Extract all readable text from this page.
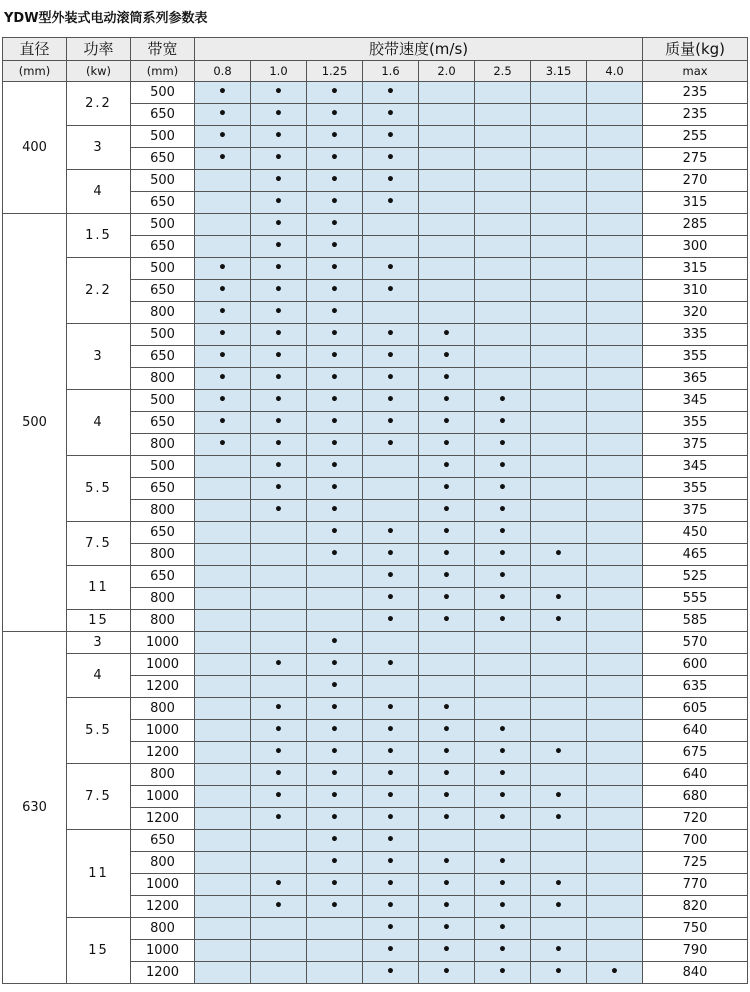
YDW型外装式电动滚筒系列参数表
直径	功率	带宽	胶带速度(m/s)								质量(kg)
(mm)	(kw)	(mm)	0.8	1.0	1.25	1.6	2.0	2.5	3.15	4.0	max
400	2.2	500	•	•	•	•					235
		650	•	•	•	•					235
	3	500	•	•	•	•					255
		650	•	•	•	•					275
	4	500		•	•	•					270
		650		•	•	•					315
500	1.5	500		•	•						285
		650		•	•						300
	2.2	500	•	•	•	•					315
		650	•	•	•	•					310
		800	•	•	•						320
	3	500	•	•	•	•	•				335
		650	•	•	•	•	•				355
		800	•	•	•	•	•				365
	4	500	•	•	•	•	•	•			345
		650	•	•	•	•	•	•			355
		800	•	•	•	•	•	•			375
	5.5	500		•	•		•	•			345
		650		•	•		•	•			355
		800		•	•		•	•			375
	7.5	650			•	•	•	•			450
		800			•	•	•	•	•		465
	11	650				•	•	•			525
		800				•	•	•	•		555
	15	800				•	•	•	•		585
630	3	1000			•						570
	4	1000		•	•	•					600
		1200			•						635
	5.5	800		•	•	•	•				605
		1000		•	•	•	•	•			640
		1200		•	•	•	•	•	•		675
	7.5	800		•	•	•	•	•			640
		1000		•	•	•	•	•	•		680
		1200		•	•	•	•	•	•		720
	11	650			•	•					700
		800			•	•	•	•			725
		1000		•	•	•	•	•	•		770
		1200		•	•	•	•	•	•		820
	15	800				•	•	•			750
		1000				•	•	•	•		790
		1200				•	•	•	•	•	840
